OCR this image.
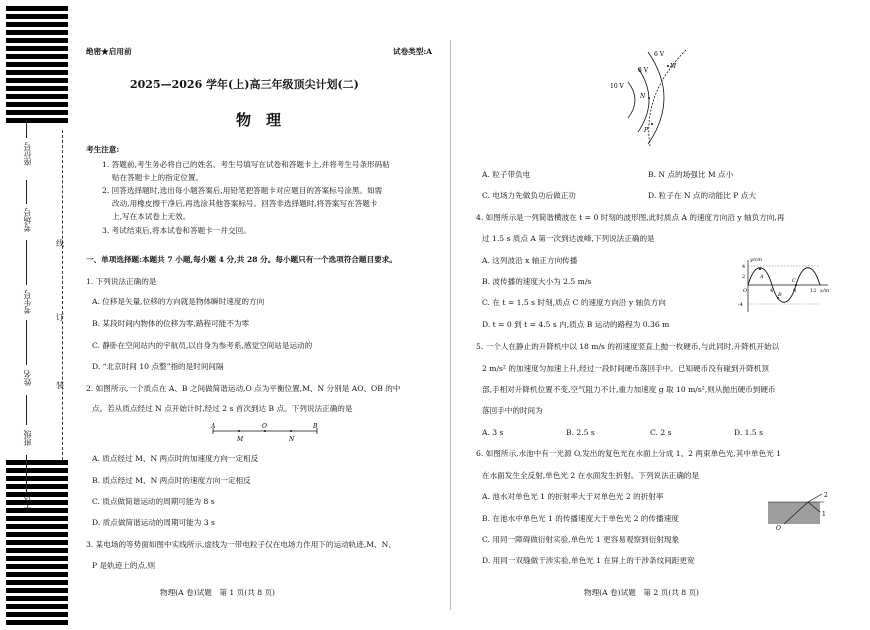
座位号
考场号
考生号
姓名
班级
学校
线
订
装
绝密★启用前	试卷类型:A
2025—2026 学年(上)高三年级顶尖计划(二)
物　理
考生注意:
1. 答题前,考生务必将自己的姓名、考生号填写在试卷和答题卡上,并将考生号条形码粘
贴在答题卡上的指定位置。
2. 回答选择题时,选出每小题答案后,用铅笔把答题卡对应题目的答案标号涂黑。如需
改动,用橡皮擦干净后,再选涂其他答案标号。回答非选择题时,将答案写在答题卡
上,写在本试卷上无效。
3. 考试结束后,将本试卷和答题卡一并交回。
一、单项选择题:本题共 7 小题,每小题 4 分,共 28 分。每小题只有一个选项符合题目要求。
1. 下列说法正确的是
A. 位移是矢量,位移的方向就是物体瞬时速度的方向
B. 某段时间内物体的位移为零,路程可能不为零
C. 静卧在空间站内的宇航员,以自身为参考系,感觉空间站是运动的
D. “北京时间 10 点整”指的是时间间隔
2. 如图所示,一个质点在 A、B 之间做简谐运动,O 点为平衡位置,M、N 分别是 AO、OB 的中
点。若从质点经过 N 点开始计时,经过 2 s 首次到达 B 点。下列说法正确的是
A
M
O
N
B
A. 质点经过 M、N 两点时的加速度方向一定相反
B. 质点经过 M、N 两点时的速度方向一定相反
C. 质点做简谐运动的周期可能为 8 s
D. 质点做简谐运动的周期可能为 3 s
3. 某电场的等势面如图中实线所示,虚线为一带电粒子仅在电场力作用下的运动轨迹,M、N、
P 是轨迹上的点,则
物理(A 卷)试题　第 1 页(共 8 页)
6 V
8 V
10 V
M
N
P
A. 粒子带负电	B. N 点的场强比 M 点小
C. 电场力先做负功后做正功	D. 粒子在 N 点的动能比 P 点大
4. 如图所示是一列简谐横波在 t = 0 时刻的波形图,此时质点 A 的速度方向沿 y 轴负方向,再
过 1.5 s 质点 A 第一次到达波峰,下列说法正确的是
A. 这列波沿 x 轴正方向传播
B. 波传播的速度大小为 2.5 m/s
C. 在 t = 1.5 s 时刻,质点 C 的速度方向沿 y 轴负方向
D. t = 0 到 t = 4.5 s 内,质点 B 运动的路程为 0.36 m
y/cm
4
2
-4
O
A
B
C
4	8	12 x/m
5. 一个人在静止的升降机中以 18 m/s 的初速度竖直上抛一枚硬币,与此同时,升降机开始以
2 m/s² 的加速度匀加速上升,经过一段时间硬币落回手中。已知硬币没有碰到升降机顶
部,手相对升降机位置不变,空气阻力不计,重力加速度 g 取 10 m/s²,则从抛出硬币到硬币
落回手中的时间为
A. 3 s	B. 2.5 s	C. 2 s	D. 1.5 s
6. 如图所示,水池中有一光源 O,发出的复色光在水面上分成 1、2 两束单色光,其中单色光 1
在水面发生全反射,单色光 2 在水面发生折射。下列说法正确的是
A. 池水对单色光 1 的折射率大于对单色光 2 的折射率
B. 在池水中单色光 1 的传播速度大于单色光 2 的传播速度
C. 用同一障碍做衍射实验,单色光 1 更容易观察到衍射现象
D. 用同一双缝做干涉实验,单色光 1 在屏上的干涉条纹间距更宽
2
1
O
物理(A 卷)试题　第 2 页(共 8 页)
